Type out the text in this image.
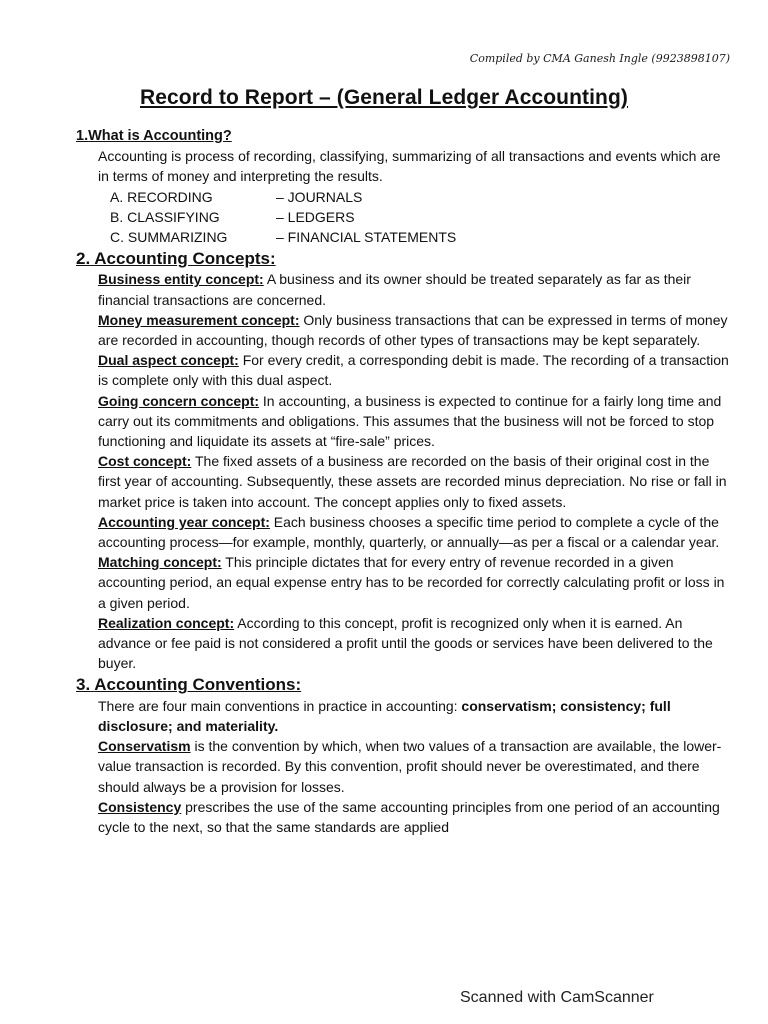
Compiled by CMA Ganesh Ingle (9923898107)
Record to Report – (General Ledger Accounting)
1.What is Accounting?

Accounting is process of recording, classifying, summarizing of all transactions and events which are in terms of money and interpreting the results.

A. RECORDING	– JOURNALS
B. CLASSIFYING	– LEDGERS
C. SUMMARIZING	– FINANCIAL STATEMENTS
2. Accounting Concepts:

Business entity concept: A business and its owner should be treated separately as far as their financial transactions are concerned.

Money measurement concept: Only business transactions that can be expressed in terms of money are recorded in accounting, though records of other types of transactions may be kept separately.

Dual aspect concept: For every credit, a corresponding debit is made. The recording of a transaction is complete only with this dual aspect.

Going concern concept: In accounting, a business is expected to continue for a fairly long time and carry out its commitments and obligations. This assumes that the business will not be forced to stop functioning and liquidate its assets at “fire-sale” prices.

Cost concept: The fixed assets of a business are recorded on the basis of their original cost in the first year of accounting. Subsequently, these assets are recorded minus depreciation. No rise or fall in market price is taken into account. The concept applies only to fixed assets.

Accounting year concept: Each business chooses a specific time period to complete a cycle of the accounting process—for example, monthly, quarterly, or annually—as per a fiscal or a calendar year.

Matching concept: This principle dictates that for every entry of revenue recorded in a given accounting period, an equal expense entry has to be recorded for correctly calculating profit or loss in a given period.

Realization concept: According to this concept, profit is recognized only when it is earned. An advance or fee paid is not considered a profit until the goods or services have been delivered to the buyer.

3. Accounting Conventions:

There are four main conventions in practice in accounting: conservatism; consistency; full disclosure; and materiality.

Conservatism is the convention by which, when two values of a transaction are available, the lower-value transaction is recorded. By this convention, profit should never be overestimated, and there should always be a provision for losses.

Consistency prescribes the use of the same accounting principles from one period of an accounting cycle to the next, so that the same standards are applied

Scanned with CamScanner
